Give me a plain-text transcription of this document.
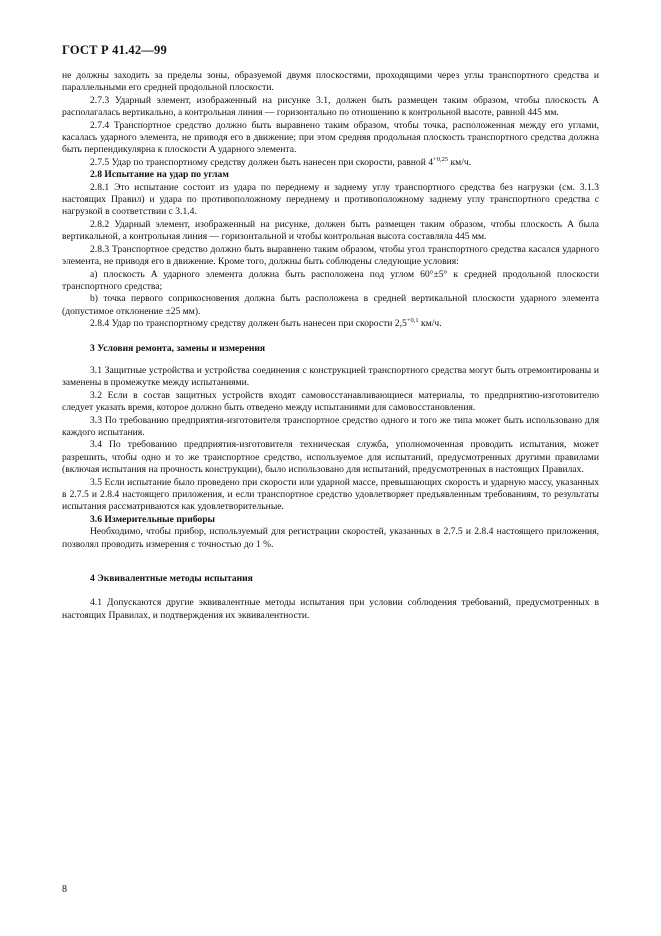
ГОСТ Р 41.42—99

не должны заходить за пределы зоны, образуемой двумя плоскостями, проходящими через углы транспортного средства и параллельными его средней продольной плоскости.

2.7.3 Ударный элемент, изображенный на рисунке 3.1, должен быть размещен таким образом, чтобы плоскость A располагалась вертикально, а контрольная линия — горизонтально по отношению к контрольной высоте, равной 445 мм.

2.7.4 Транспортное средство должно быть выравнено таким образом, чтобы точка, расположенная между его углами, касалась ударного элемента, не приводя его в движение; при этом средняя продольная плоскость транспортного средства должна быть перпендикулярна к плоскости A ударного элемента.

2.7.5 Удар по транспортному средству должен быть нанесен при скорости, равной $4^{+0,25}$ км/ч.

2.8 Испытание на удар по углам

2.8.1 Это испытание состоит из удара по переднему и заднему углу транспортного средства без нагрузки (см. 3.1.3 настоящих Правил) и удара по противоположному переднему и противоположному заднему углу транспортного средства с нагрузкой в соответствии с 3.1.4.

2.8.2 Ударный элемент, изображенный на рисунке, должен быть размещен таким образом, чтобы плоскость A была вертикальной, а контрольная линия — горизонтальной и чтобы контрольная высота составляла 445 мм.

2.8.3 Транспортное средство должно быть выравнено таким образом, чтобы угол транспортного средства касался ударного элемента, не приводя его в движение. Кроме того, должны быть соблюдены следующие условия:

a) плоскость A ударного элемента должна быть расположена под углом 60°±5° к средней продольной плоскости транспортного средства;

b) точка первого соприкосновения должна быть расположена в средней вертикальной плоскости ударного элемента (допустимое отклонение ±25 мм).

2.8.4 Удар по транспортному средству должен быть нанесен при скорости $2,5^{+0,1}$ км/ч.

3 Условия ремонта, замены и измерения

3.1 Защитные устройства и устройства соединения с конструкцией транспортного средства могут быть отремонтированы и заменены в промежутке между испытаниями.

3.2 Если в состав защитных устройств входят самовосстанавливающиеся материалы, то предприятию-изготовителю следует указать время, которое должно быть отведено между испытаниями для самовосстановления.

3.3 По требованию предприятия-изготовителя транспортное средство одного и того же типа может быть использовано для каждого испытания.

3.4 По требованию предприятия-изготовителя техническая служба, уполномоченная проводить испытания, может разрешить, чтобы одно и то же транспортное средство, используемое для испытаний, предусмотренных другими правилами (включая испытания на прочность конструкции), было использовано для испытаний, предусмотренных в настоящих Правилах.

3.5 Если испытание было проведено при скорости или ударной массе, превышающих скорость и ударную массу, указанных в 2.7.5 и 2.8.4 настоящего приложения, и если транспортное средство удовлетворяет предъявленным требованиям, то результаты испытания рассматриваются как удовлетворительные.

3.6 Измерительные приборы

Необходимо, чтобы прибор, используемый для регистрации скоростей, указанных в 2.7.5 и 2.8.4 настоящего приложения, позволял проводить измерения с точностью до 1 %.

4 Эквивалентные методы испытания

4.1 Допускаются другие эквивалентные методы испытания при условии соблюдения требований, предусмотренных в настоящих Правилах, и подтверждения их эквивалентности.

8
